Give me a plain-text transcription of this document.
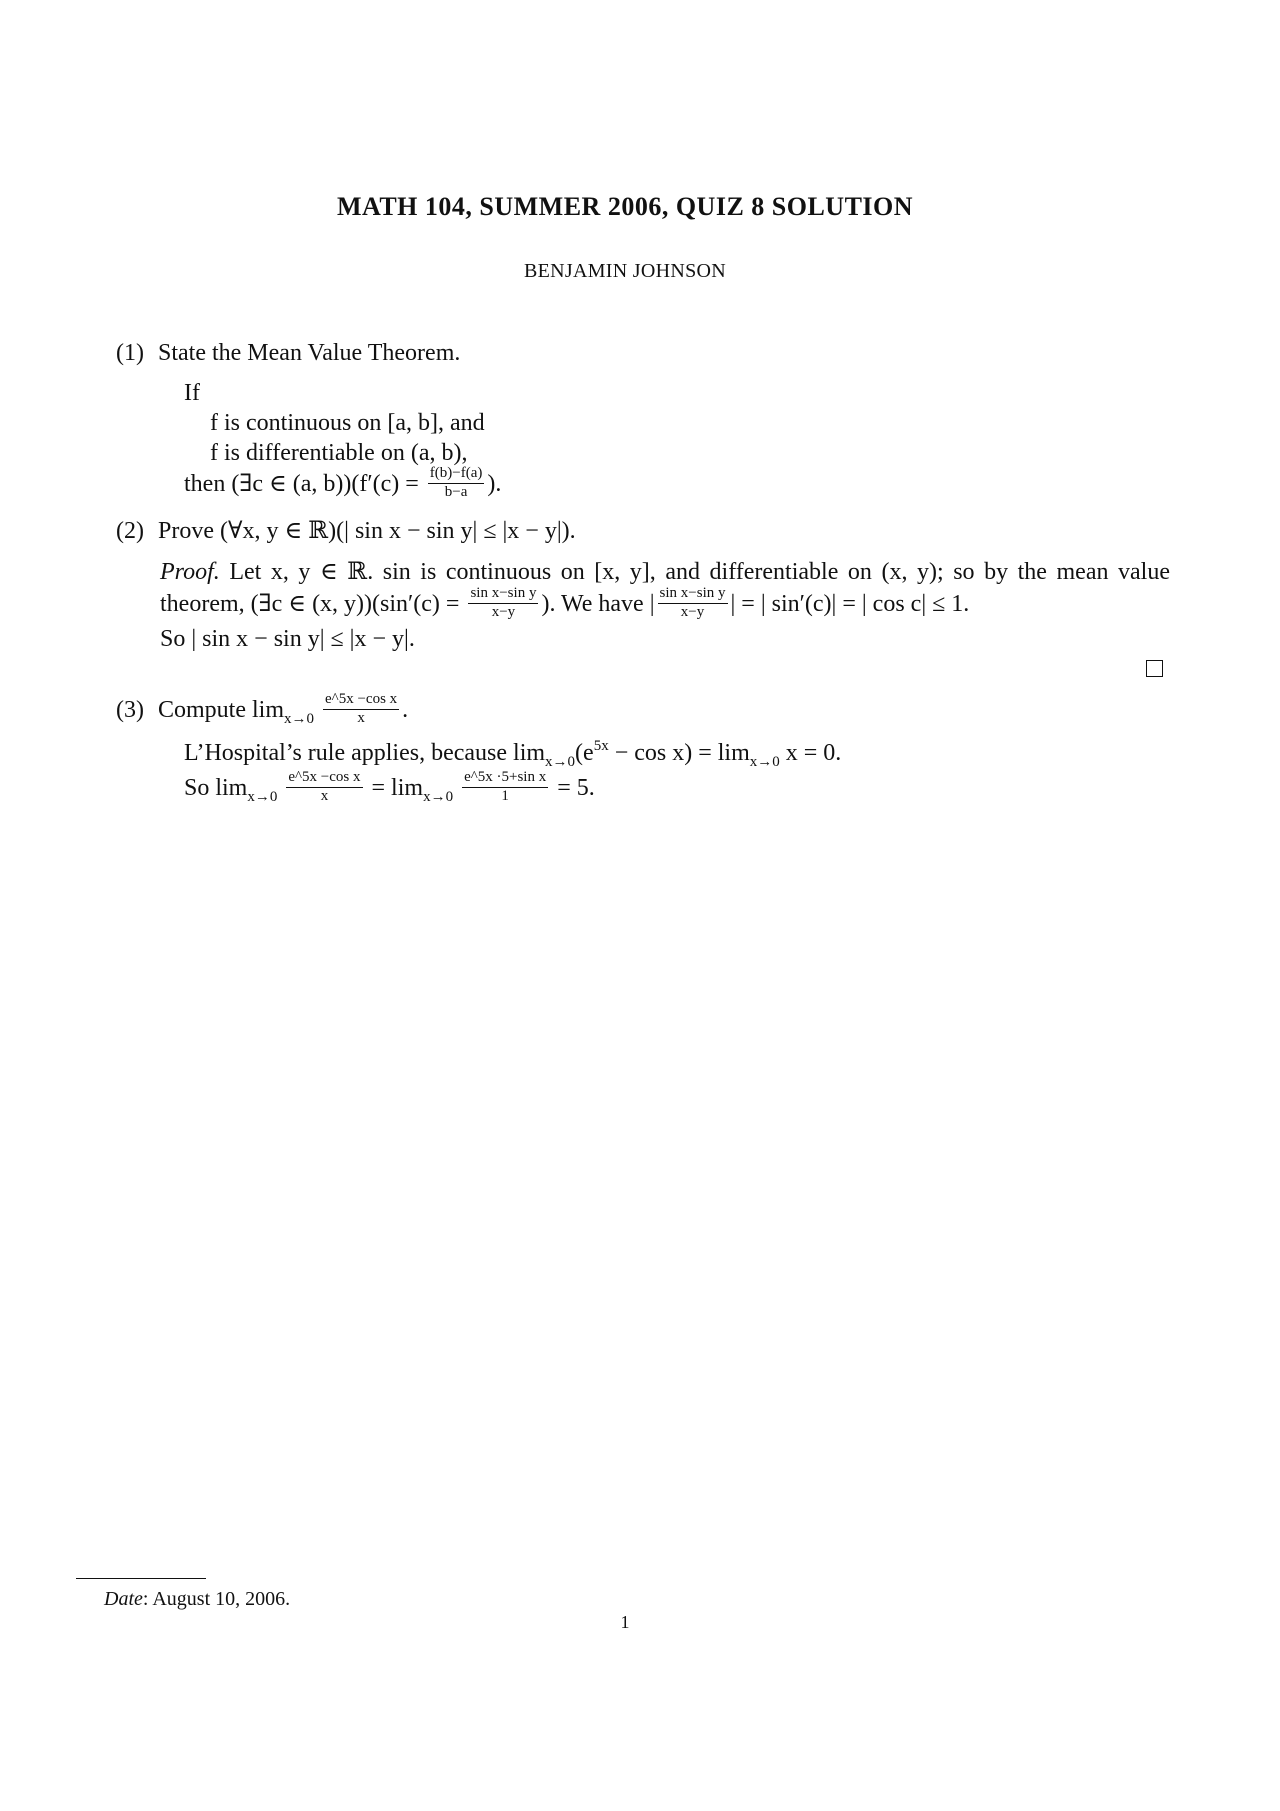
MATH 104, SUMMER 2006, QUIZ 8 SOLUTION
BENJAMIN JOHNSON
(1) State the Mean Value Theorem.
If
f is continuous on [a, b], and
f is differentiable on (a, b),
then (∃c ∈ (a, $b))(f'(c) = \frac{f(b)-f(a)}{b-a}$ ).
(2) Prove (∀x, y ∈ ℝ)(| sin x − sin y| ≤ |x − y|).
Proof. Let x, y ∈ ℝ. sin is continuous on [x, y], and differentiable on (x, y); so by the mean value theorem, (∃c ∈ (x, $y))(\sin'(c) = \frac{\text{sin x−sin y}}{x-y}$ ). We have | $\frac{\text{sin x−sin y}}{x-y}$ | = | sin′(c)| = | cos c| ≤ 1.
So | sin x − sin y| ≤ |x − y|.
(3) Compute $\lim_{x\to 0} \frac{\text{e\textasciicircum{}5x −cos x}}{x}$ .
L’Hospital’s rule applies, because $\lim_{x\to 0}(e^{5x} - \cos x) = \lim_{x\to 0} x = 0$.
So $\lim_{x\to 0} \frac{\text{e\textasciicircum{}5x −cos x}}{x} = \lim_{x\to 0} \frac{\text{e\textasciicircum{}5x ·5+sin x}}{1} = 5$.
Date: August 10, 2006.
1
